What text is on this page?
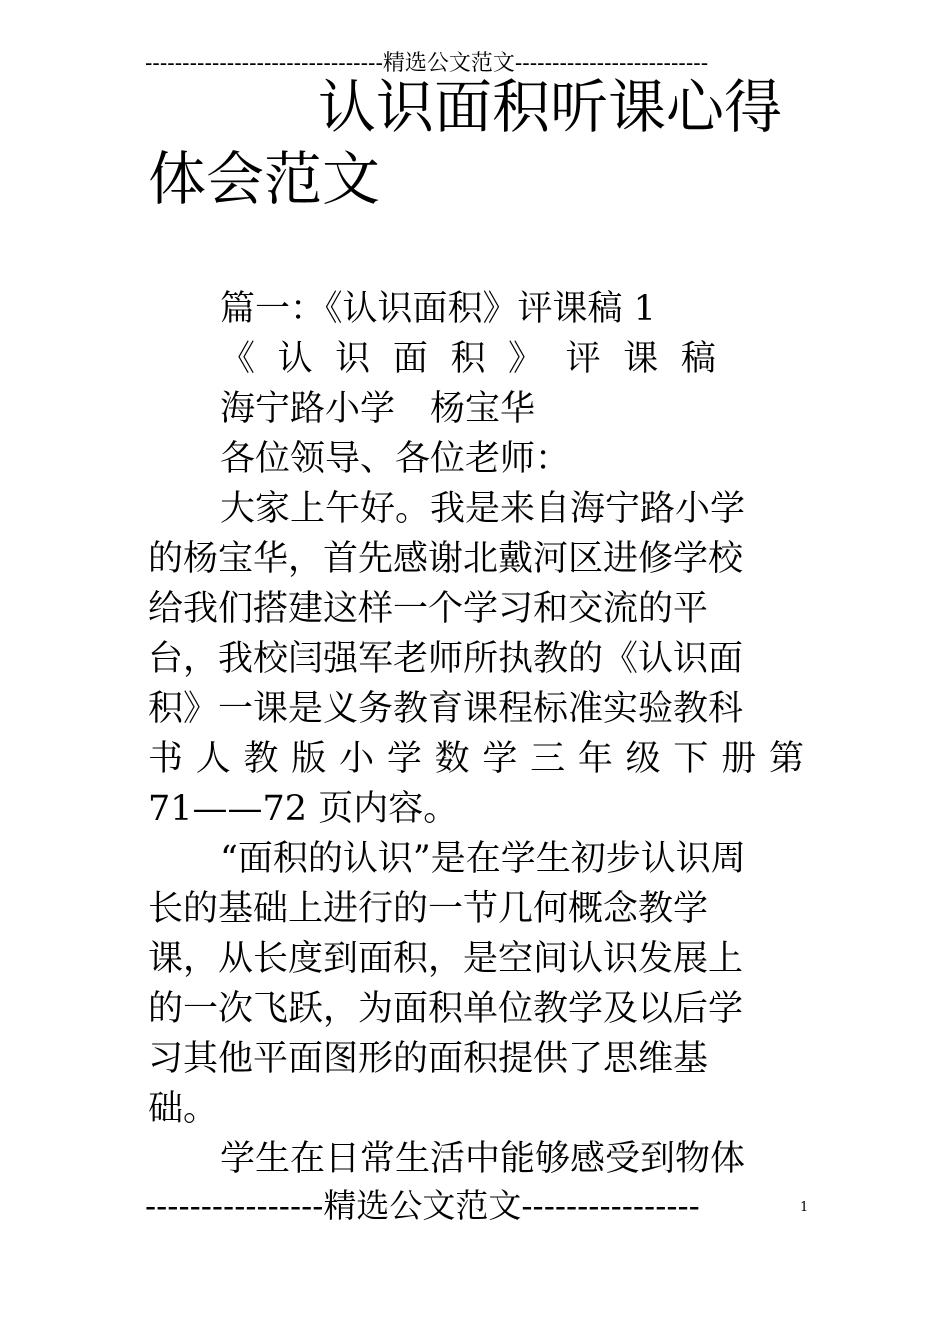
--------------------------------精选公文范文--------------------------
认识面积听课心得
体会范文
篇一：《认识面积》评课稿 1
《 认 识 面 积 》 评 课 稿
海宁路小学　杨宝华
各位领导、各位老师：
大家上午好。我是来自海宁路小学
的杨宝华，首先感谢北戴河区进修学校
给我们搭建这样一个学习和交流的平
台，我校闫强军老师所执教的《认识面
积》一课是义务教育课程标准实验教科
书 人 教 版 小 学 数 学 三 年 级 下 册 第
71——72 页内容。
“面积的认识”是在学生初步认识周
长的基础上进行的一节几何概念教学
课，从长度到面积，是空间认识发展上
的一次飞跃，为面积单位教学及以后学
习其他平面图形的面积提供了思维基
础。
学生在日常生活中能够感受到物体
----------------精选公文范文----------------	1
